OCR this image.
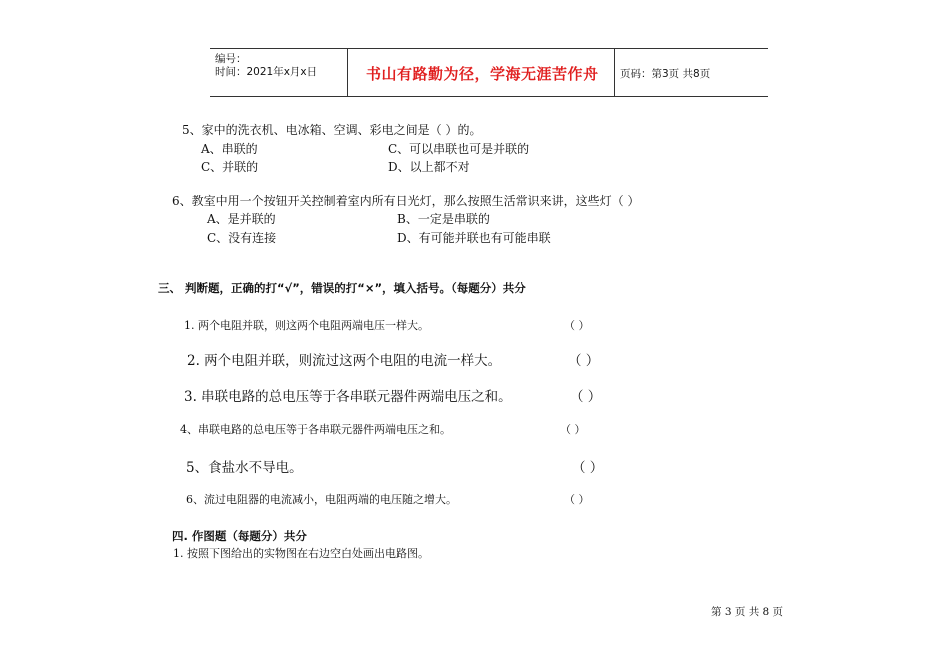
编号：
时间：2021年x月x日	书山有路勤为径，学海无涯苦作舟 页码：第3页 共8页
5、家中的洗衣机、电冰箱、空调、彩电之间是（ ）的。
A、串联的	C、可以串联也可是并联的
C、并联的	D、以上都不对
6、教室中用一个按钮开关控制着室内所有日光灯，那么按照生活常识来讲，这些灯（ ）
A、是并联的	B、一定是串联的
C、没有连接	D、有可能并联也有可能串联
三、 判断题，正确的打“√”，错误的打“×”，填入括号。（每题分）共分
1. 两个电阻并联，则这两个电阻两端电压一样大。	（ ）
2. 两个电阻并联，则流过这两个电阻的电流一样大。	（ ）
3. 串联电路的总电压等于各串联元器件两端电压之和。	（ ）
4、串联电路的总电压等于各串联元器件两端电压之和。	（ ）
5、食盐水不导电。	（ ）
6、流过电阻器的电流减小，电阻两端的电压随之增大。	（ ）
四. 作图题（每题分）共分
1. 按照下图给出的实物图在右边空白处画出电路图。
第 3 页 共 8 页
